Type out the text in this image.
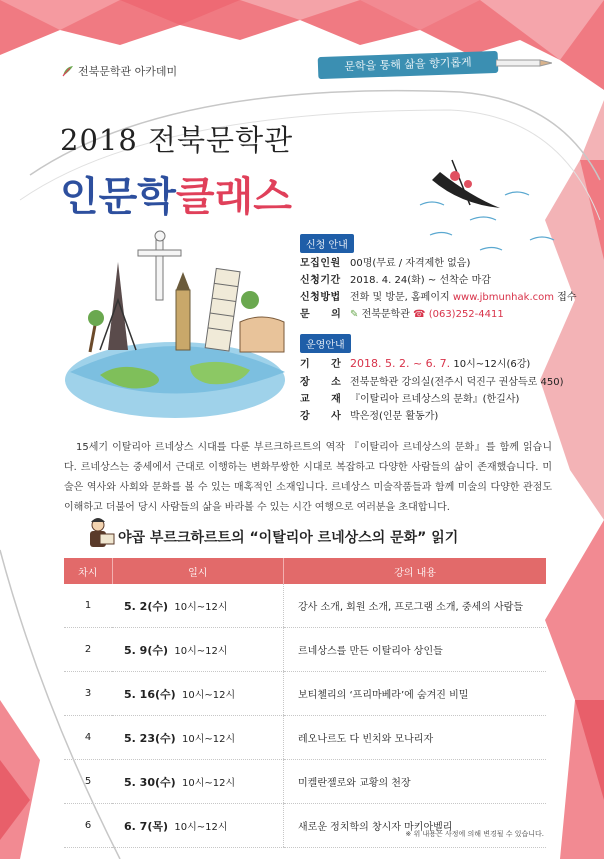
전북문학관 아카데미	문학을 통해 삶을 향기롭게
2018 전북문학관
인문학클래스
신청 안내
모집인원 00명(무료 / 자격제한 없음)
신청기간 2018. 4. 24(화) ~ 선착순 마감
신청방법 전화 및 방문, 홈페이지 www.jbmunhak.com 접수
문　　의 ✎ 전북문학관 ☎ (063)252-4411
운영안내
기　　간 2018. 5. 2. ~ 6. 7. 10시~12시(6강)
장　　소 전북문학관 강의실(전주시 덕진구 권삼득로 450)
교　　재 『이탈리아 르네상스의 문화』(한길사)
강　　사 박은정(인문 활동가)

15세기 이탈리아 르네상스 시대를 다룬 부르크하르트의 역작 『이탈리아 르네상스의 문화』를 함께 읽습니다. 르네상스는 중세에서 근대로 이행하는 변화무쌍한 시대로 복잡하고 다양한 사람들의 삶이 존재했습니다. 미술은 역사와 사회와 문화를 볼 수 있는 매혹적인 소재입니다. 르네상스 미술작품들과 함께 미술의 다양한 관점도 이해하고 더불어 당시 사람들의 삶을 바라볼 수 있는 시간 여행으로 여러분을 초대합니다.

야곱 부르크하르트의 “이탈리아 르네상스의 문화” 읽기
차시	일시	강의 내용
1	5. 2(수) 10시~12시	강사 소개, 회원 소개, 프로그램 소개, 중세의 사람들
2	5. 9(수) 10시~12시	르네상스를 만든 이탈리아 상인들
3	5. 16(수) 10시~12시	보티첼리의 ‘프리마베라’에 숨겨진 비밀
4	5. 23(수) 10시~12시	레오나르도 다 빈치와 모나리자
5	5. 30(수) 10시~12시	미켈란젤로와 교황의 천장
6	6. 7(목) 10시~12시	새로운 정치학의 창시자 마키아벨리
※ 위 내용은 사정에 의해 변경될 수 있습니다.
